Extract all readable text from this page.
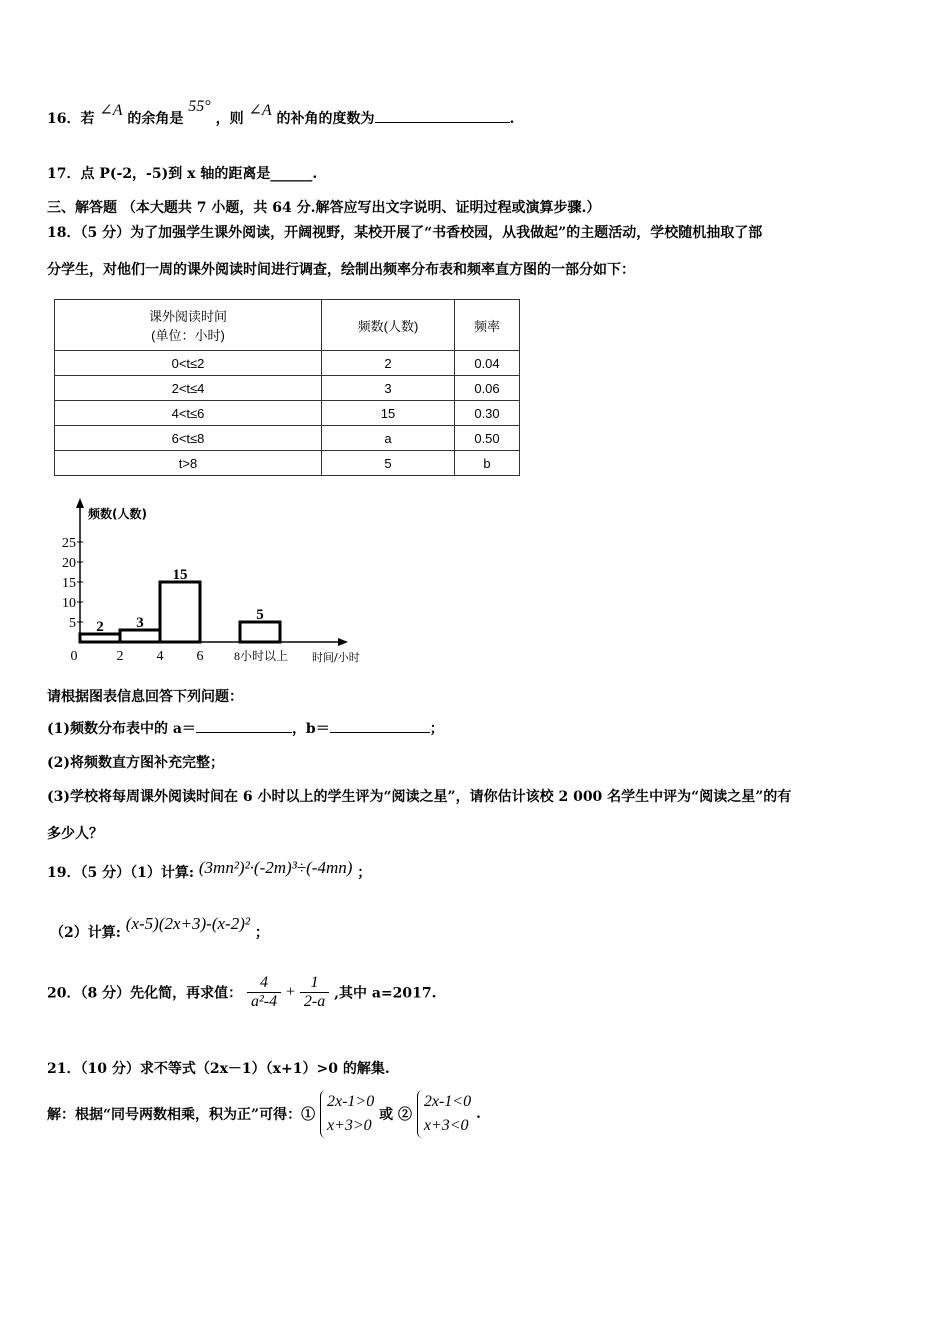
16．若 ∠A 的余角是 55° ，则 ∠A 的补角的度数为	.
17．点 P(-2，-5)到 x 轴的距离是______.
三、解答题 （本大题共 7 小题，共 64 分.解答应写出文字说明、证明过程或演算步骤.）
18．（5 分）为了加强学生课外阅读，开阔视野，某校开展了“书香校园，从我做起”的主题活动，学校随机抽取了部
分学生，对他们一周的课外阅读时间进行调查，绘制出频率分布表和频率直方图的一部分如下：
课外阅读时间
(单位：小时)	频数(人数)	频率
0<t≤2	2	0.04
2<t≤4	3	0.06
4<t≤6	15	0.30
6<t≤8	a	0.50
t>8	5	b
频数(人数)
时间/小时
25
20
15
10
5
0	2 4 6	8小时以上
2 3
15
5
请根据图表信息回答下列问题：
(1)频数分布表中的 a＝	，b＝	；
(2)将频数直方图补充完整；
(3)学校将每周课外阅读时间在 6 小时以上的学生评为“阅读之星”，请你估计该校 2 000 名学生中评为“阅读之星”的有
多少人？
19．（5 分）（1）计算: (3mn²)²·(-2m)³÷(-4mn) ；
（2）计算: (x-5)(2x+3)-(x-2)² ；
20．（8 分）先化简，再求值： $\frac{4}{\text{a²-4}} + \frac{1}{2-a}$ ,其中 a=2017.
21．（10 分）求不等式（2x－1）（x+1）>0 的解集.
解：根据“同号两数相乘，积为正”可得：①
2x-1>0
x+3>0
或 ②
2x-1<0
x+3<0
.
